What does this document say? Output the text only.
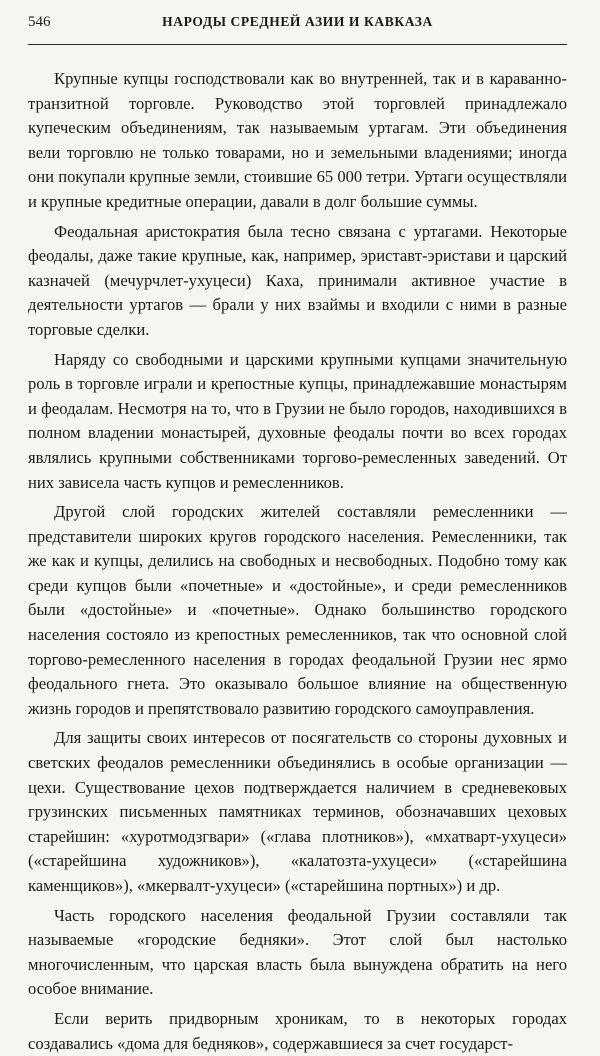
546	НАРОДЫ СРЕДНЕЙ АЗИИ И КАВКАЗА

Крупные купцы господствовали как во внутренней, так и в караванно-транзитной торговле. Руководство этой торговлей принадлежало купеческим объединениям, так называемым уртагам. Эти объединения вели торговлю не только товарами, но и земельными владениями; иногда они покупали крупные земли, стоившие 65 000 тетри. Уртаги осуществляли и крупные кредитные операции, давали в долг большие суммы.

Феодальная аристократия была тесно связана с уртагами. Некоторые феодалы, даже такие крупные, как, например, эриставт-эристави и царский казначей (мечурчлет-ухуцеси) Каха, принимали активное участие в деятельности уртагов — брали у них взаймы и входили с ними в разные торговые сделки.

Наряду со свободными и царскими крупными купцами значительную роль в торговле играли и крепостные купцы, принадлежавшие монастырям и феодалам. Несмотря на то, что в Грузии не было городов, находившихся в полном владении монастырей, духовные феодалы почти во всех городах являлись крупными собственниками торгово-ремесленных заведений. От них зависела часть купцов и ремесленников.

Другой слой городских жителей составляли ремесленники — представители широких кругов городского населения. Ремесленники, так же как и купцы, делились на свободных и несвободных. Подобно тому как среди купцов были «почетные» и «достойные», и среди ремесленников были «достойные» и «почетные». Однако большинство городского населения состояло из крепостных ремесленников, так что основной слой торгово-ремесленного населения в городах феодальной Грузии нес ярмо феодального гнета. Это оказывало большое влияние на общественную жизнь городов и препятствовало развитию городского самоуправления.

Для защиты своих интересов от посягательств со стороны духовных и светских феодалов ремесленники объединялись в особые организации — цехи. Существование цехов подтверждается наличием в средневековых грузинских письменных памятниках терминов, обозначавших цеховых старейшин: «хуротмодзгвари» («глава плотников»), «мхатварт-ухуцеси» («старейшина художников»), «калатозта-ухуцеси» («старейшина каменщиков»), «мкервалт-ухуцеси» («старейшина портных») и др.

Часть городского населения феодальной Грузии составляли так называемые «городские бедняки». Этот слой был настолько многочисленным, что царская власть была вынуждена обратить на него особое внимание.

Если верить придворным хроникам, то в некоторых городах создавались «дома для бедняков», содержавшиеся за счет государст-
